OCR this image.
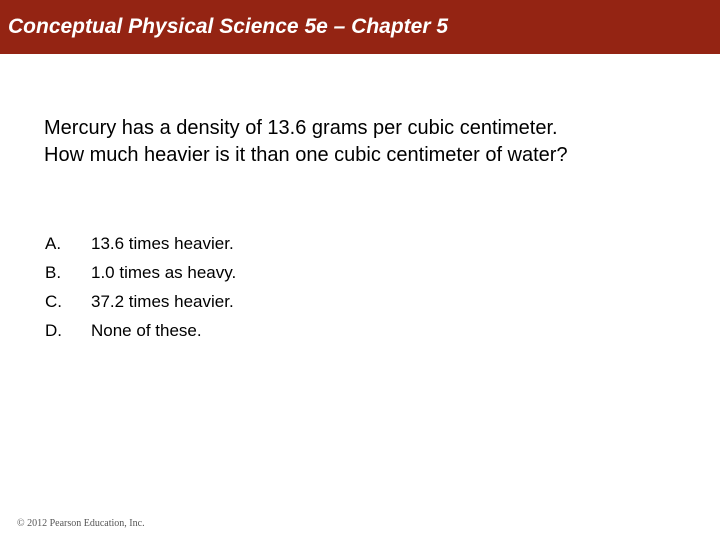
Conceptual Physical Science 5e – Chapter 5

Mercury has a density of 13.6 grams per cubic centimeter.
How much heavier is it than one cubic centimeter of water?

A.	13.6 times heavier.
B.	1.0 times as heavy.
C.	37.2 times heavier.
D.	None of these.

© 2012 Pearson Education, Inc.
